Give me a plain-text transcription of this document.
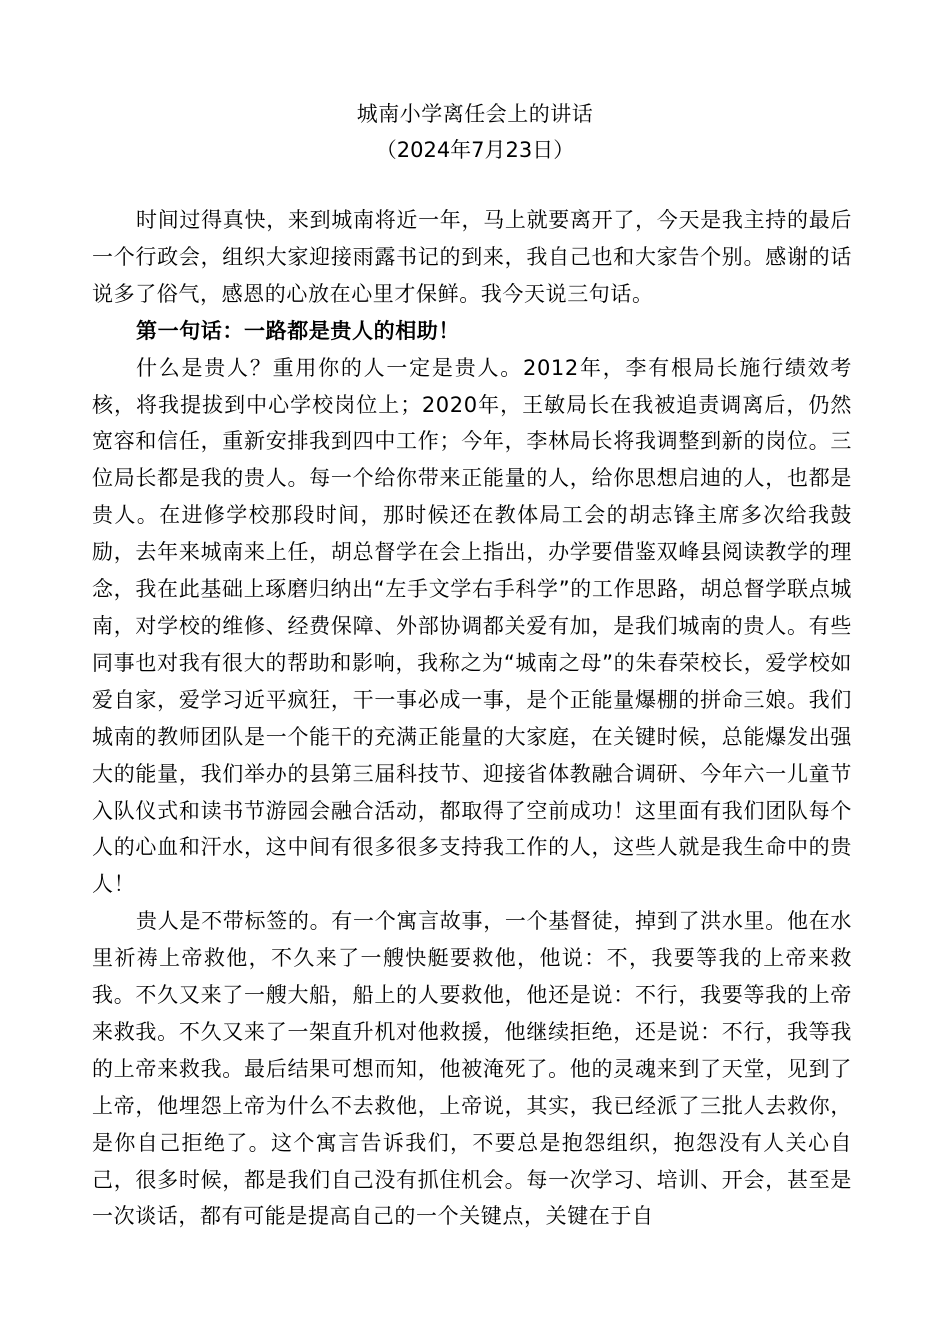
城南小学离任会上的讲话
（2024年7月23日）

时间过得真快，来到城南将近一年，马上就要离开了，今天是我主持的最后一个行政会，组织大家迎接雨露书记的到来，我自己也和大家告个别。感谢的话说多了俗气，感恩的心放在心里才保鲜。我今天说三句话。

第一句话：一路都是贵人的相助！

什么是贵人？重用你的人一定是贵人。2012年，李有根局长施行绩效考核，将我提拔到中心学校岗位上；2020年，王敏局长在我被追责调离后，仍然宽容和信任，重新安排我到四中工作；今年，李林局长将我调整到新的岗位。三位局长都是我的贵人。每一个给你带来正能量的人，给你思想启迪的人，也都是贵人。在进修学校那段时间，那时候还在教体局工会的胡志锋主席多次给我鼓励，去年来城南来上任，胡总督学在会上指出，办学要借鉴双峰县阅读教学的理念，我在此基础上琢磨归纳出“左手文学右手科学”的工作思路，胡总督学联点城南，对学校的维修、经费保障、外部协调都关爱有加，是我们城南的贵人。有些同事也对我有很大的帮助和影响，我称之为“城南之母”的朱春荣校长，爱学校如爱自家，爱学习近平疯狂，干一事必成一事，是个正能量爆棚的拼命三娘。我们城南的教师团队是一个能干的充满正能量的大家庭，在关键时候，总能爆发出强大的能量，我们举办的县第三届科技节、迎接省体教融合调研、今年六一儿童节入队仪式和读书节游园会融合活动，都取得了空前成功！这里面有我们团队每个人的心血和汗水，这中间有很多很多支持我工作的人，这些人就是我生命中的贵人！

贵人是不带标签的。有一个寓言故事，一个基督徒，掉到了洪水里。他在水里祈祷上帝救他，不久来了一艘快艇要救他，他说：不，我要等我的上帝来救我。不久又来了一艘大船，船上的人要救他，他还是说：不行，我要等我的上帝来救我。不久又来了一架直升机对他救援，他继续拒绝，还是说：不行，我等我的上帝来救我。最后结果可想而知，他被淹死了。他的灵魂来到了天堂，见到了上帝，他埋怨上帝为什么不去救他，上帝说，其实，我已经派了三批人去救你，是你自己拒绝了。这个寓言告诉我们，不要总是抱怨组织，抱怨没有人关心自己，很多时候，都是我们自己没有抓住机会。每一次学习、培训、开会，甚至是一次谈话，都有可能是提高自己的一个关键点，关键在于自
